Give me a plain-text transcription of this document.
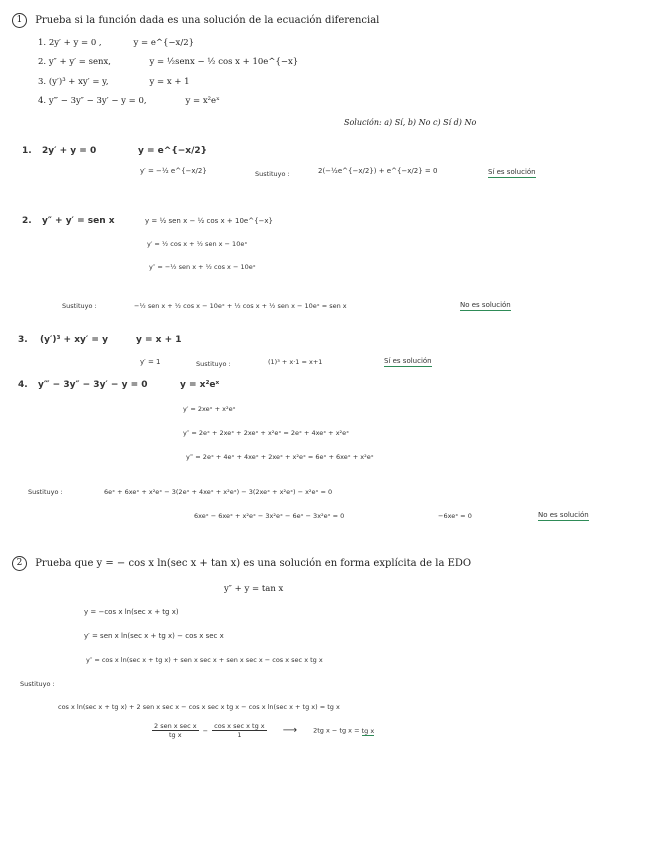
1 Prueba si la función dada es una solución de la ecuación diferencial
1. 2y′ + y = 0 ,	y = e^{−x/2}
2. y″ + y′ = senx,	y = ½senx − ½ cos x + 10e^{−x}
3. (y′)³ + xy′ = y,	y = x + 1
4. y‴ − 3y″ − 3y′ − y = 0,	y = x²eˣ
Solución: a) Sí, b) No c) Sí d) No
1. 2y′ + y = 0	y = e^{−x/2}
y′ = −½ e^{−x/2}	Sustituyo :	2(−½e^{−x/2}) + e^{−x/2} = 0	Sí es solución
2. y″ + y′ = sen x	y = ½ sen x − ½ cos x + 10e^{−x}
y′ = ½ cos x + ½ sen x − 10eˣ
y″ = −½ sen x + ½ cos x − 10eˣ
Sustituyo :	−½ sen x + ½ cos x − 10eˣ + ½ cos x + ½ sen x − 10eˣ = sen x	No es solución
3. (y′)³ + xy′ = y	y = x + 1
y′ = 1	Sustituyo :	(1)³ + x·1 = x+1	Sí es solución
4. y‴ − 3y″ − 3y′ − y = 0	y = x²eˣ
y′ = 2xeˣ + x²eˣ
y″ = 2eˣ + 2xeˣ + 2xeˣ + x²eˣ = 2eˣ + 4xeˣ + x²eˣ
y‴ = 2eˣ + 4eˣ + 4xeˣ + 2xeˣ + x²eˣ = 6eˣ + 6xeˣ + x²eˣ
Sustituyo :	6eˣ + 6xeˣ + x²eˣ − 3(2eˣ + 4xeˣ + x²eˣ) − 3(2xeˣ + x²eˣ) − x²eˣ = 0
6xeˣ − 6xeˣ + x²eˣ − 3x²eˣ − 6eˣ − 3x²eˣ = 0	−6xeˣ = 0	No es solución
2 Prueba que y = − cos x ln(sec x + tan x) es una solución en forma explícita de la EDO
y″ + y = tan x
y = −cos x ln(sec x + tg x)
y′ = sen x ln(sec x + tg x) − cos x sec x
y″ = cos x ln(sec x + tg x) + sen x sec x + sen x sec x − cos x sec x tg x
Sustituyo :
cos x ln(sec x + tg x) + 2 sen x sec x − cos x sec x tg x − cos x ln(sec x + tg x) = tg x
$\frac{\text{2 sen x sec x}}{\text{tg x}} - \frac{\text{cos x sec x tg x}}{1}$ ⟶ 2tg x − tg x = tg x
